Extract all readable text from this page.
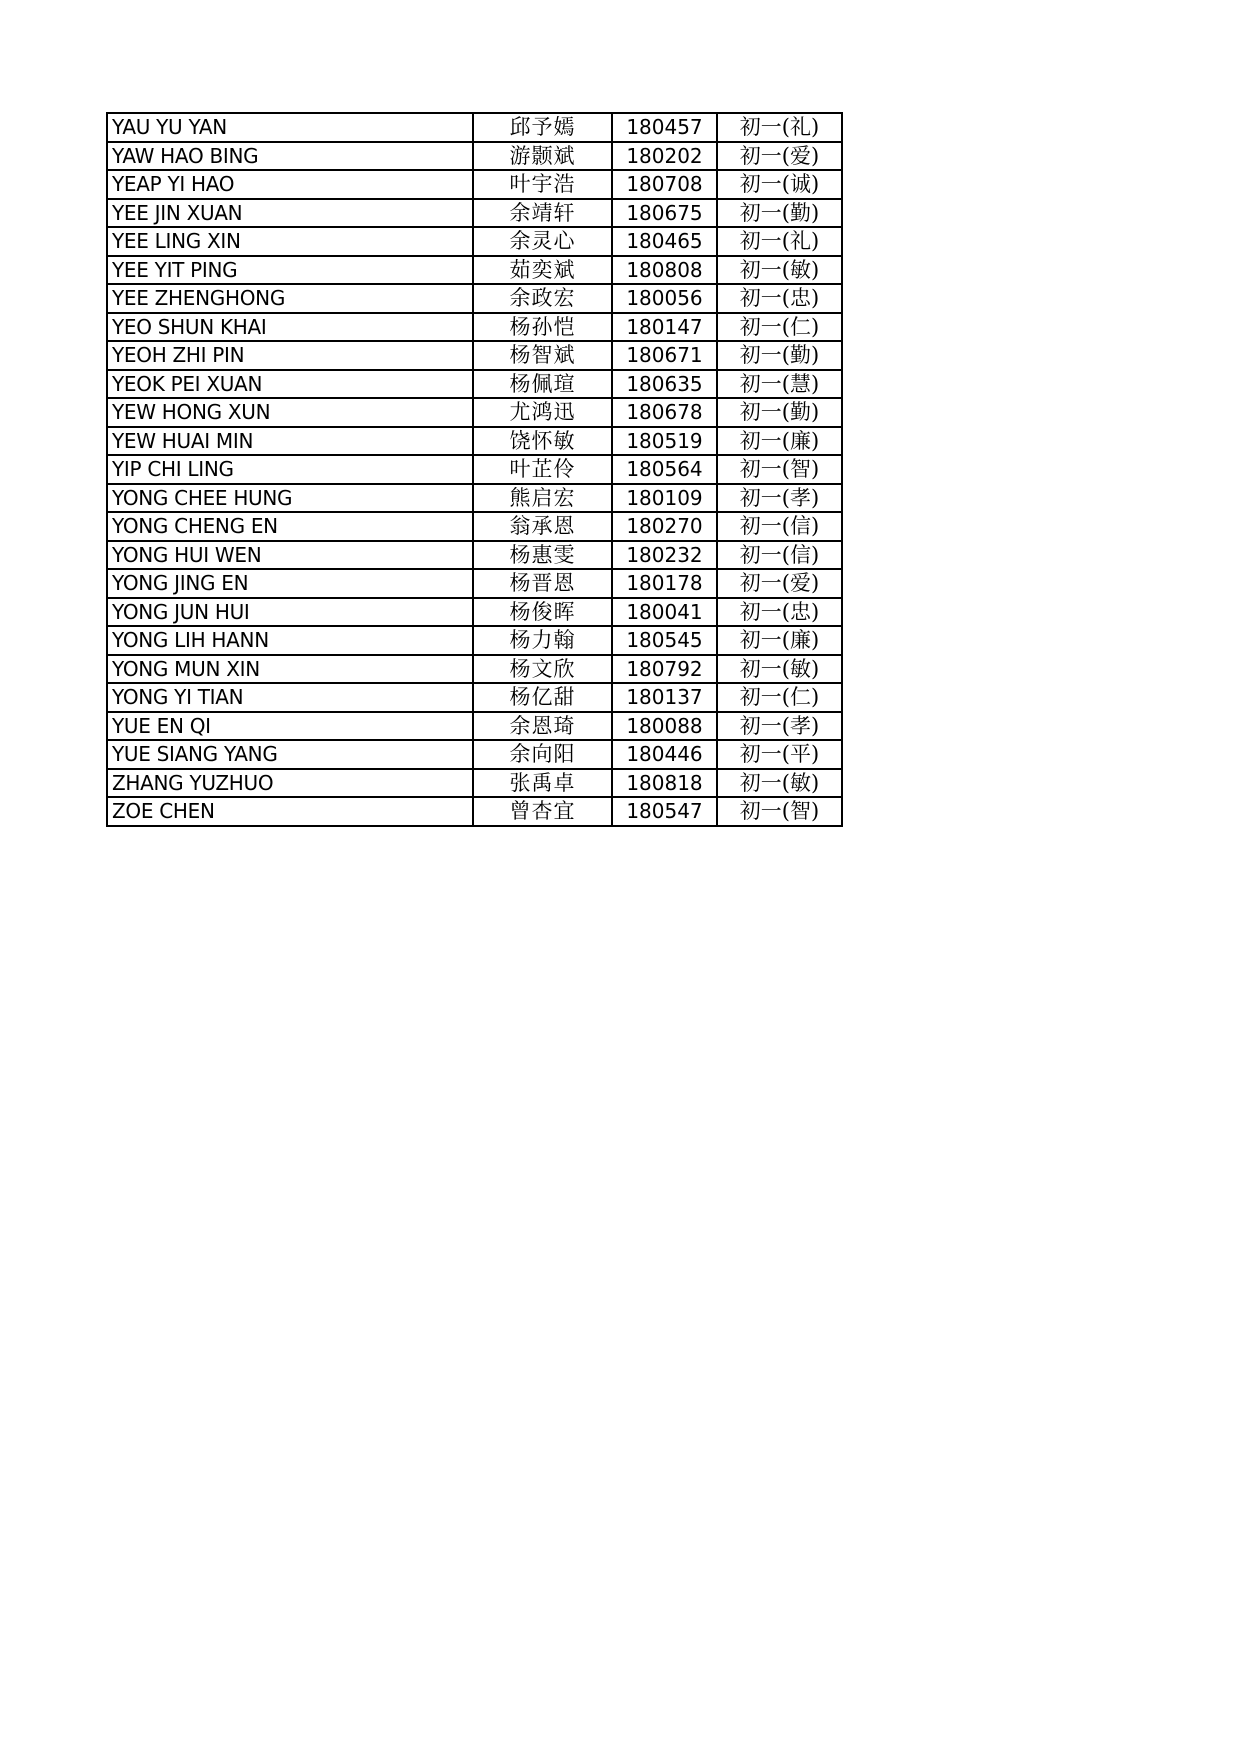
YAU YU YAN	邱予嫣	180457	初一(礼)
YAW HAO BING	游颢斌	180202	初一(爱)
YEAP YI HAO	叶宇浩	180708	初一(诚)
YEE JIN XUAN	余靖轩	180675	初一(勤)
YEE LING XIN	余灵心	180465	初一(礼)
YEE YIT PING	茹奕斌	180808	初一(敏)
YEE ZHENGHONG	余政宏	180056	初一(忠)
YEO SHUN KHAI	杨孙恺	180147	初一(仁)
YEOH ZHI PIN	杨智斌	180671	初一(勤)
YEOK PEI XUAN	杨佩瑄	180635	初一(慧)
YEW HONG XUN	尤鸿迅	180678	初一(勤)
YEW HUAI MIN	饶怀敏	180519	初一(廉)
YIP CHI LING	叶芷伶	180564	初一(智)
YONG CHEE HUNG	熊启宏	180109	初一(孝)
YONG CHENG EN	翁承恩	180270	初一(信)
YONG HUI WEN	杨惠雯	180232	初一(信)
YONG JING EN	杨晋恩	180178	初一(爱)
YONG JUN HUI	杨俊晖	180041	初一(忠)
YONG LIH HANN	杨力翰	180545	初一(廉)
YONG MUN XIN	杨文欣	180792	初一(敏)
YONG YI TIAN	杨亿甜	180137	初一(仁)
YUE EN QI	余恩琦	180088	初一(孝)
YUE SIANG YANG	余向阳	180446	初一(平)
ZHANG YUZHUO	张禹卓	180818	初一(敏)
ZOE CHEN	曾杏宜	180547	初一(智)
